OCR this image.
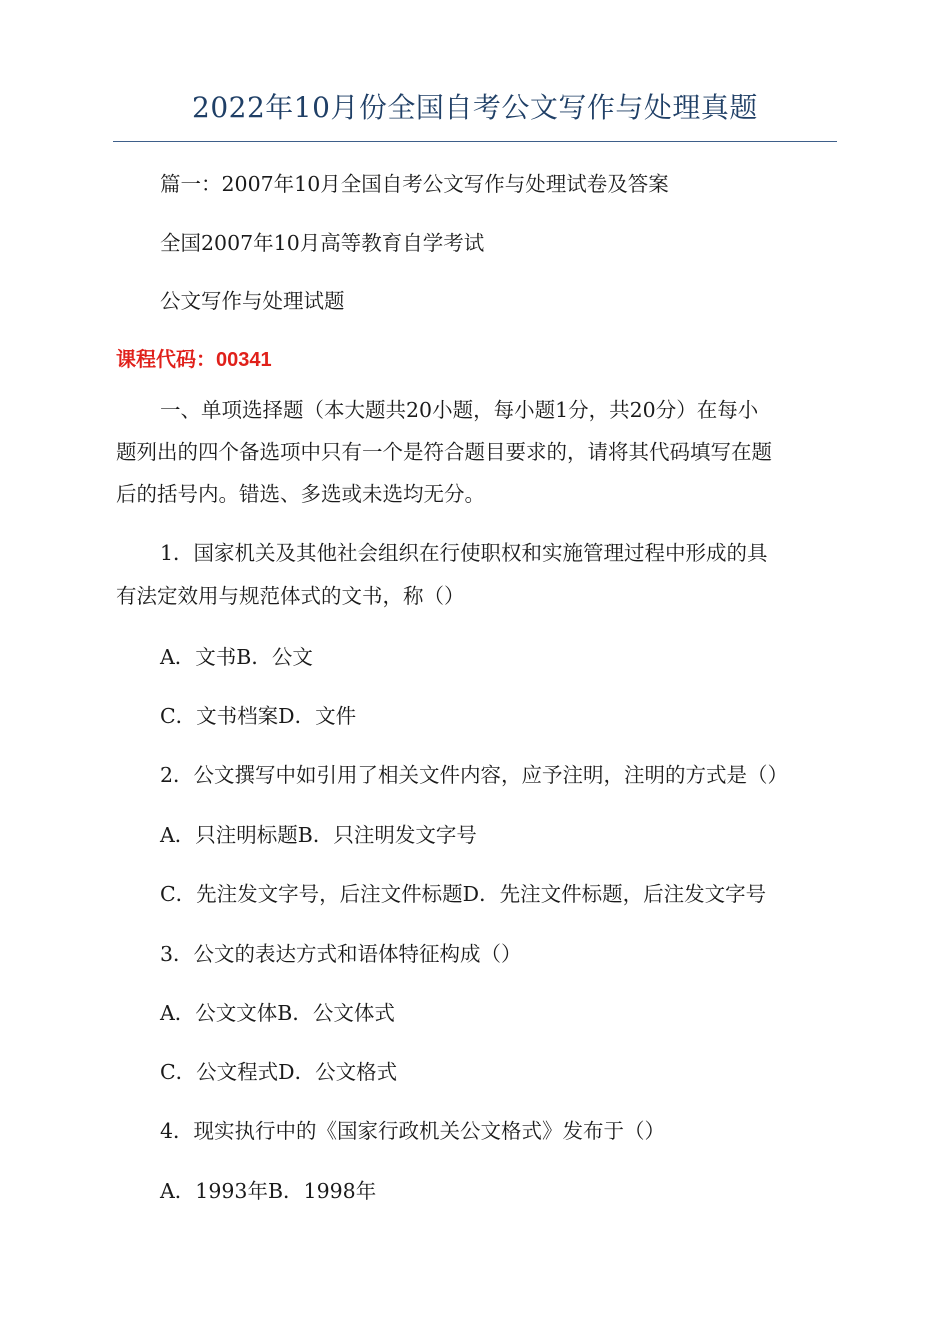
2022年10月份全国自考公文写作与处理真题
篇一：2007年10月全国自考公文写作与处理试卷及答案
全国2007年10月高等教育自学考试
公文写作与处理试题
课程代码：00341
一、单项选择题（本大题共20小题，每小题1分，共20分）在每小
题列出的四个备选项中只有一个是符合题目要求的，请将其代码填写在题
后的括号内。错选、多选或未选均无分。
1．国家机关及其他社会组织在行使职权和实施管理过程中形成的具
有法定效用与规范体式的文书，称（）
A．文书B．公文
C．文书档案D．文件
2．公文撰写中如引用了相关文件内容，应予注明，注明的方式是（）
A．只注明标题B．只注明发文字号
C．先注发文字号，后注文件标题D．先注文件标题，后注发文字号
3．公文的表达方式和语体特征构成（）
A．公文文体B．公文体式
C．公文程式D．公文格式
4．现实执行中的《国家行政机关公文格式》发布于（）
A．1993年B．1998年
